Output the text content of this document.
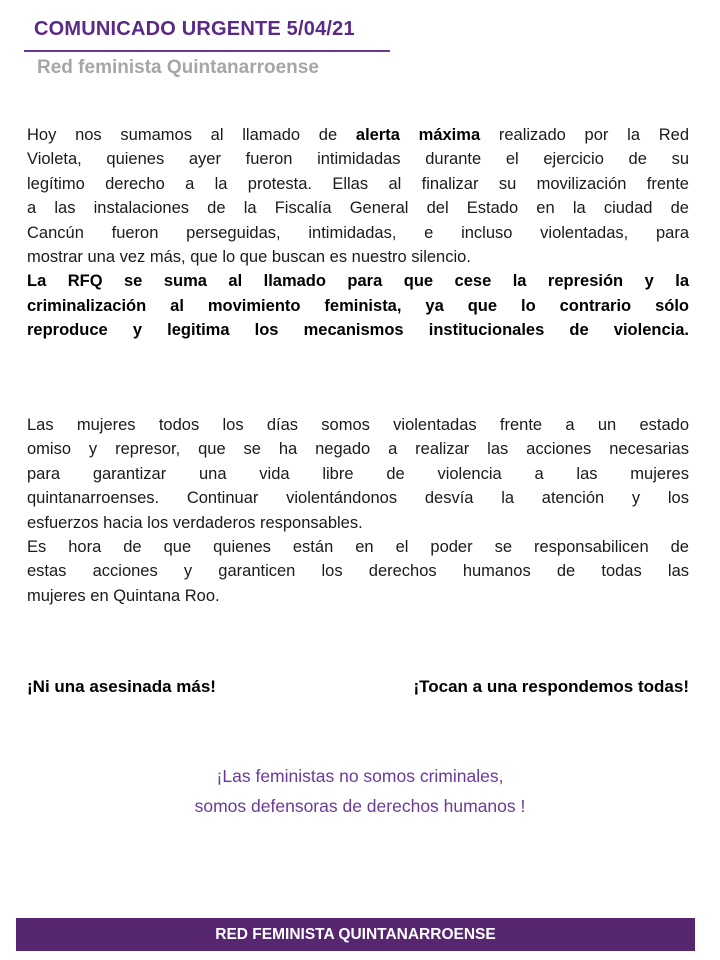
COMUNICADO URGENTE 5/04/21
Red feminista Quintanarroense
Hoy nos sumamos al llamado de alerta máxima realizado por la Red
Violeta, quienes ayer fueron intimidadas durante el ejercicio de su
legítimo derecho a la protesta. Ellas al finalizar su movilización frente
a las instalaciones de la Fiscalía General del Estado en la ciudad de
Cancún fueron perseguidas, intimidadas, e incluso violentadas, para
mostrar una vez más, que lo que buscan es nuestro silencio.
La RFQ se suma al llamado para que cese la represión y la
criminalización al movimiento feminista, ya que lo contrario sólo
reproduce y legitima los mecanismos institucionales de violencia.
Las mujeres todos los días somos violentadas frente a un estado
omiso y represor, que se ha negado a realizar las acciones necesarias
para garantizar una vida libre de violencia a las mujeres
quintanarroenses. Continuar violentándonos desvía la atención y los
esfuerzos hacia los verdaderos responsables.
Es hora de que quienes están en el poder se responsabilicen de
estas acciones y garanticen los derechos humanos de todas las
mujeres en Quintana Roo.
¡Ni una asesinada más!	¡Tocan a una respondemos todas!
¡Las feministas no somos criminales,
somos defensoras de derechos humanos !
RED FEMINISTA QUINTANARROENSE
